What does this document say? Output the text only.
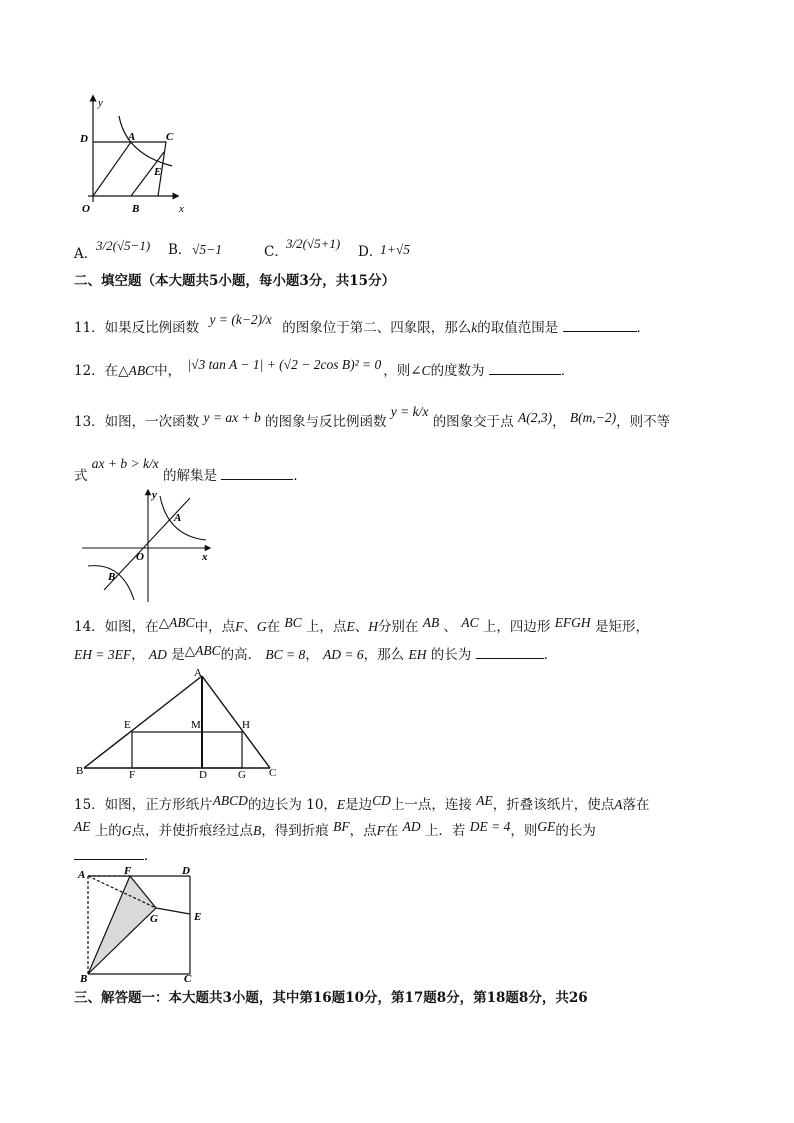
y
x
O	B
D	A	C
E
A．
3/2(√5−1) B． √5−1	C．
3/2(√5+1)
D．
1+√5
二、填空题（本大题共5小题，每小题3分，共15分）
11．如果反比例函数 y = (k−2)/x 的图象位于第二、四象限，那么k的取值范围是	．
12．在△ABC中， |√3 tan A − 1| + (√2 − 2cos B)² = 0 ，则∠C的度数为	．
13．如图，一次函数 y = ax + b 的图象与反比例函数 y = k/x 的图象交于点 A(2,3)， B(m,−2)，则不等
式 ax + b > k/x 的解集是	．
y
x
O
A
B
14．如图，在△ABC中，点F、G在 BC 上，点E、H分别在 AB 、 AC 上，四边形 EFGH 是矩形，
EH = 3EF， AD 是△ABC的高． BC = 8， AD = 6，那么 EH 的长为	．
A
B	C
D
E
F	G
H
M
15．如图，正方形纸片ABCD的边长为 10，E是边CD上一点，连接 AE，折叠该纸片，使点A落在
AE 上的G点，并使折痕经过点B，得到折痕 BF，点F在 AD 上．若 DE = 4，则GE的长为
．
A	F	D
G	E
B	C
三、解答题一：本大题共3小题，其中第16题10分，第17题8分，第18题8分，共26
